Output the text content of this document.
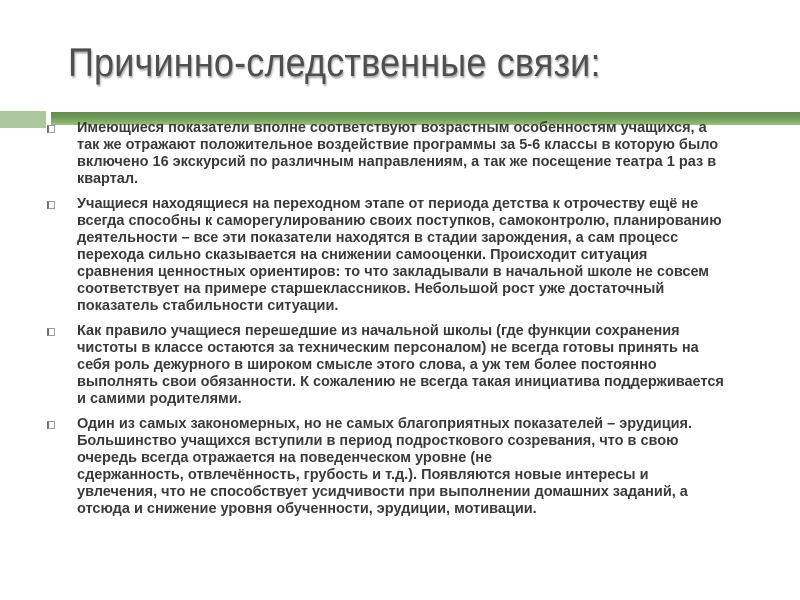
Причинно-следственные связи:
Имеющиеся показатели вполне соответствуют возрастным особенностям учащихся, а
так же отражают положительное воздействие программы за 5-6 классы в которую было
включено 16 экскурсий по различным направлениям, а так же посещение театра 1 раз в
квартал.
Учащиеся находящиеся на переходном этапе от периода детства к отрочеству ещё не
всегда способны к саморегулированию своих поступков, самоконтролю, планированию
деятельности – все эти показатели находятся в стадии зарождения, а сам процесс
перехода сильно сказывается на снижении самооценки. Происходит ситуация
сравнения ценностных ориентиров: то что закладывали в начальной школе не совсем
соответствует на примере старшеклассников. Небольшой рост уже достаточный
показатель стабильности ситуации.
Как правило учащиеся перешедшие из начальной школы (где функции сохранения
чистоты в классе остаются за техническим персоналом) не всегда готовы принять на
себя роль дежурного в широком смысле этого слова, а уж тем более постоянно
выполнять свои обязанности. К сожалению не всегда такая инициатива поддерживается
и самими родителями.
Один из самых закономерных, но не самых благоприятных показателей – эрудиция.
Большинство учащихся вступили в период подросткового созревания, что в свою
очередь всегда отражается на поведенческом уровне (не
сдержанность, отвлечённость, грубость и т.д.). Появляются новые интересы и
увлечения, что не способствует усидчивости при выполнении домашних заданий, а
отсюда и снижение уровня обученности, эрудиции, мотивации.
